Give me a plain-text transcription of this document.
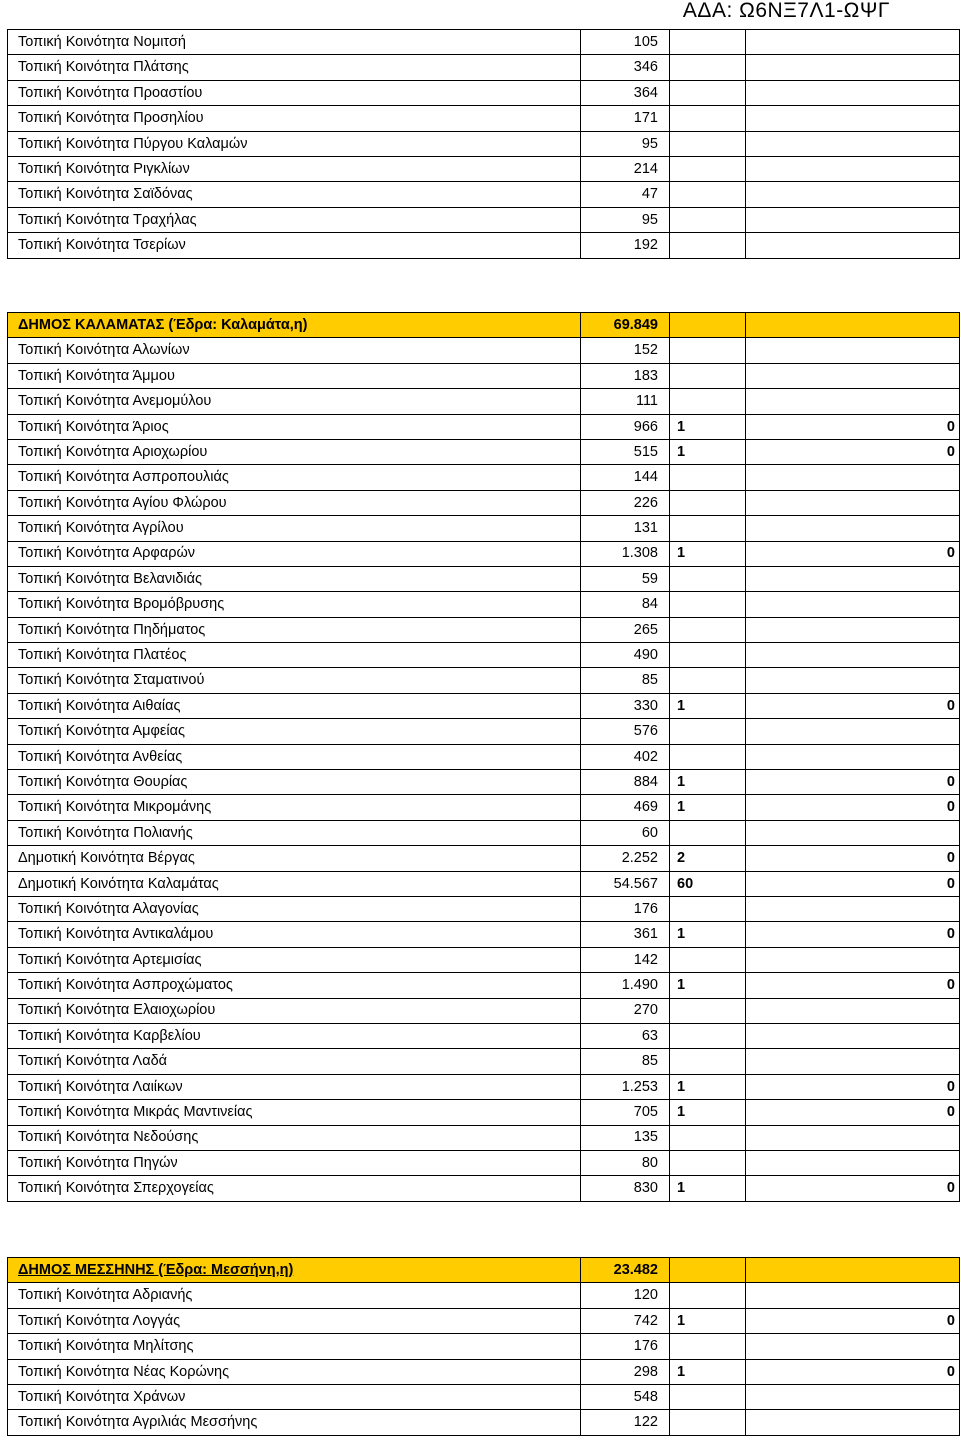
ΑΔΑ: Ω6ΝΞ7Λ1-ΩΨΓ
Τοπική Κοινότητα Νομιτσή	105		
Τοπική Κοινότητα Πλάτσης	346		
Τοπική Κοινότητα Προαστίου	364		
Τοπική Κοινότητα Προσηλίου	171		
Τοπική Κοινότητα Πύργου Καλαμών	95		
Τοπική Κοινότητα Ριγκλίων	214		
Τοπική Κοινότητα Σαϊδόνας	47		
Τοπική Κοινότητα Τραχήλας	95		
Τοπική Κοινότητα Τσερίων	192		
ΔΗΜΟΣ ΚΑΛΑΜΑΤΑΣ (Έδρα: Καλαμάτα,η)	69.849		
Τοπική Κοινότητα Αλωνίων	152		
Τοπική Κοινότητα Άμμου	183		
Τοπική Κοινότητα Ανεμομύλου	111		
Τοπική Κοινότητα Άριος	966	1	0
Τοπική Κοινότητα Αριοχωρίου	515	1	0
Τοπική Κοινότητα Ασπροπουλιάς	144		
Τοπική Κοινότητα Αγίου Φλώρου	226		
Τοπική Κοινότητα Αγρίλου	131		
Τοπική Κοινότητα Αρφαρών	1.308	1	0
Τοπική Κοινότητα Βελανιδιάς	59		
Τοπική Κοινότητα Βρομόβρυσης	84		
Τοπική Κοινότητα Πηδήματος	265		
Τοπική Κοινότητα Πλατέος	490		
Τοπική Κοινότητα Σταματινού	85		
Τοπική Κοινότητα Αιθαίας	330	1	0
Τοπική Κοινότητα Αμφείας	576		
Τοπική Κοινότητα Ανθείας	402		
Τοπική Κοινότητα Θουρίας	884	1	0
Τοπική Κοινότητα Μικρομάνης	469	1	0
Τοπική Κοινότητα Πολιανής	60		
Δημοτική Κοινότητα Βέργας	2.252	2	0
Δημοτική Κοινότητα Καλαμάτας	54.567	60	0
Τοπική Κοινότητα Αλαγονίας	176		
Τοπική Κοινότητα Αντικαλάμου	361	1	0
Τοπική Κοινότητα Αρτεμισίας	142		
Τοπική Κοινότητα Ασπροχώματος	1.490	1	0
Τοπική Κοινότητα Ελαιοχωρίου	270		
Τοπική Κοινότητα Καρβελίου	63		
Τοπική Κοινότητα Λαδά	85		
Τοπική Κοινότητα Λαιίκων	1.253	1	0
Τοπική Κοινότητα Μικράς Μαντινείας	705	1	0
Τοπική Κοινότητα Νεδούσης	135		
Τοπική Κοινότητα Πηγών	80		
Τοπική Κοινότητα Σπερχογείας	830	1	0
ΔΗΜΟΣ ΜΕΣΣΗΝΗΣ (Έδρα: Μεσσήνη,η)	23.482		
Τοπική Κοινότητα Αδριανής	120		
Τοπική Κοινότητα Λογγάς	742	1	0
Τοπική Κοινότητα Μηλίτσης	176		
Τοπική Κοινότητα Νέας Κορώνης	298	1	0
Τοπική Κοινότητα Χράνων	548		
Τοπική Κοινότητα Αγριλιάς Μεσσήνης	122		
